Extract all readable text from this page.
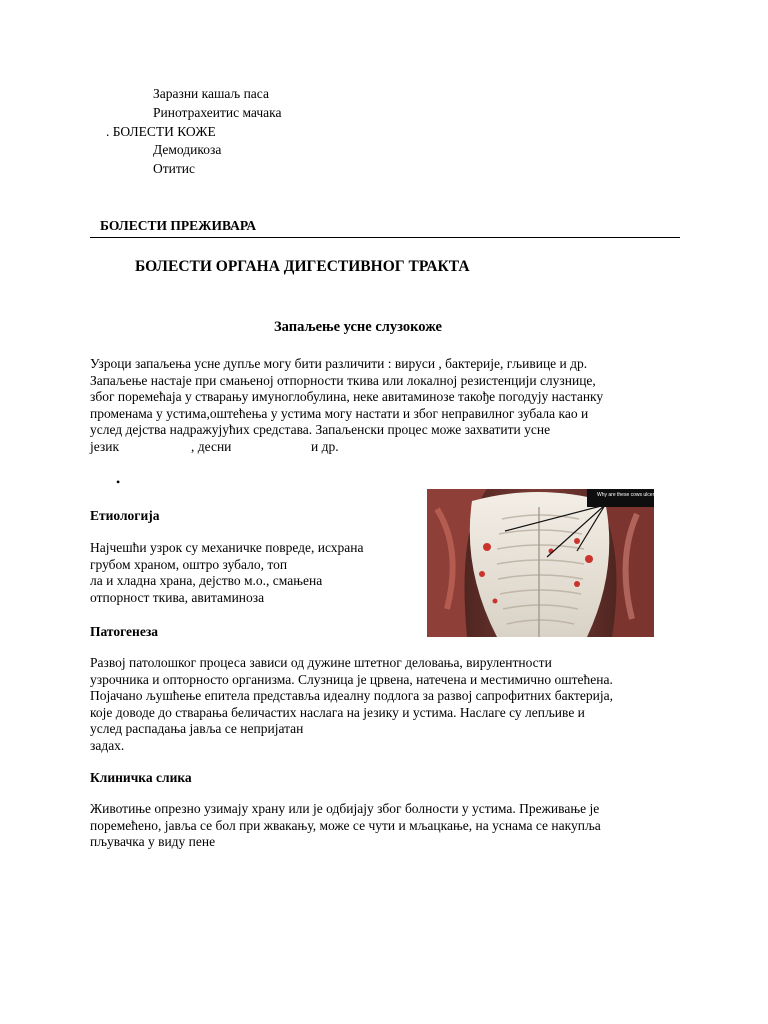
Заразни кашаљ паса
Ринотрахеитис мачака
. БОЛЕСТИ КОЖЕ
Демодикоза
Отитис
БОЛЕСТИ ПРЕЖИВАРА
БОЛЕСТИ ОРГАНА ДИГЕСТИВНОГ ТРАКТА
Запаљење усне слузокоже
Узроци запаљења усне дупље могу бити различити : вируси , бактерије, гљивице и др.
Запаљење настаје при смањеној отпорности ткива или локалној резистенцији слузнице,
због поремећаја у стварању имуноглобулина, неке авитаминозе такође погодују настанку
променама у устима,оштећења у устима могу настати и због неправилног зубала као и
услед дејства надражујућих средстава. Запаљенски процес може захватити усне
језик	, десни	и др.
•
Why are these cows ulcers rather than
Етиологија
Најчешћи узрок су механичке повреде, исхрана
грубом храном, оштро зубало, топ
ла и хладна храна, дејство м.о., смањена
отпорност ткива, авитаминоза
Патогенеза
Развој патолошког процеса зависи од дужине штетног деловања, вирулентности
узрочника и опторносто организма. Слузница је црвена, натечена и местимично оштећена.
Појачано љушћење епитела представља идеалну подлога за развој сапрофитних бактерија,
које доводе до стварања беличастих наслага на језику и устима. Наслаге су лепљиве и
услед распадања јавља се непријатан
задах.
Клиничка слика
Животиње опрезно узимају храну или је одбијају због болности у устима. Преживање је
поремећено, јавља се бол при жвакању, може се чути и мљацкање, на уснама се накупља
пљувачка у виду пене
